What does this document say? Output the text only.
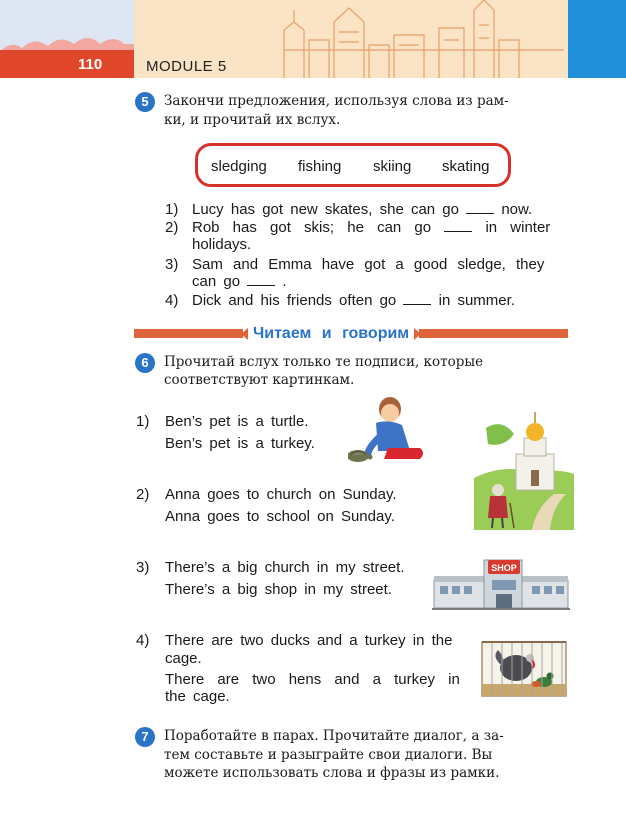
110	MODULE 5
5	Закончи предложения, используя слова из рам-
ки, и прочитай их вслух.
sledging fishing skiing skating
1) Lucy has got new skates, she can go  now.
2) Rob has got skis; he can go  in winter
holidays.
3) Sam and Emma have got a good sledge, they
can go  .
4) Dick and his friends often go  in summer.
Читаем и говорим
6	Прочитай вслух только те подписи, которые
соответствуют картинкам.
1) Ben’s pet is a turtle.
Ben’s pet is a turkey.
2) Anna goes to church on Sunday.
Anna goes to school on Sunday.
3) There’s a big church in my street.
There’s a big shop in my street.
4) There are two ducks and a turkey in the
cage.
There are two hens and a turkey in
the cage.
SHOP
7	Поработайте в парах. Прочитайте диалог, а за-
тем составьте и разыграйте свои диалоги. Вы
можете использовать слова и фразы из рамки.
